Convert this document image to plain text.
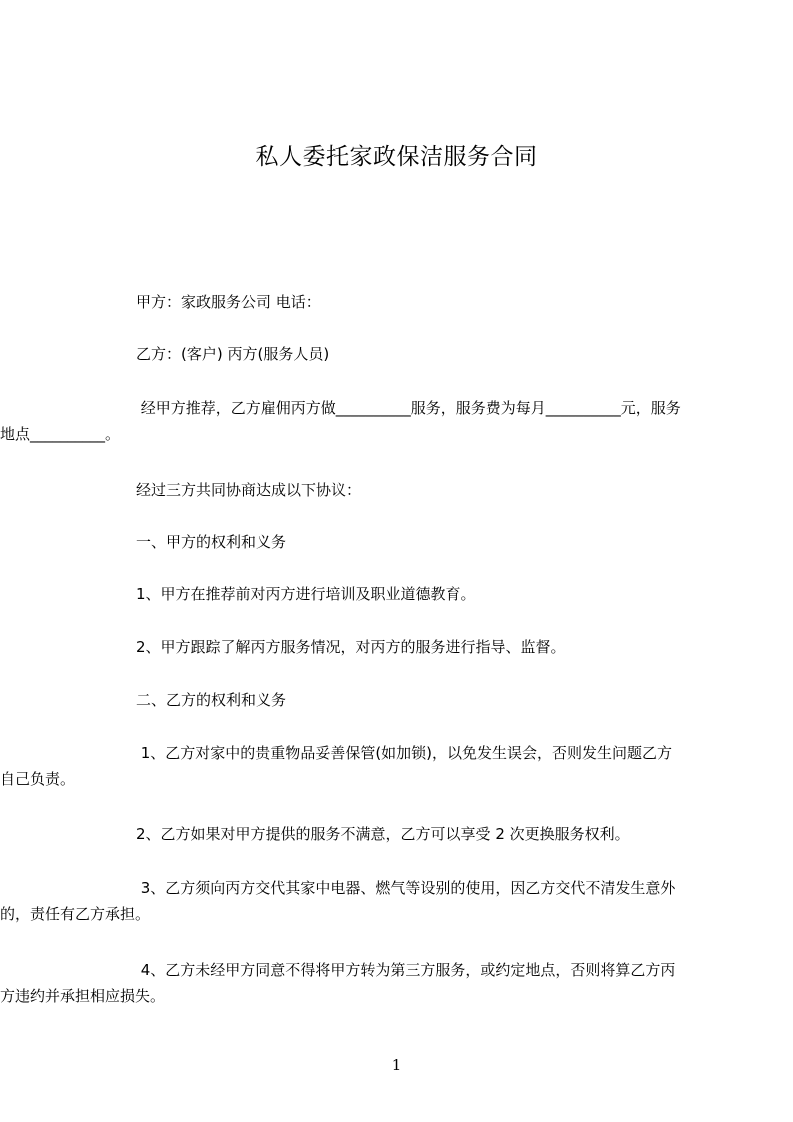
私人委托家政保洁服务合同

甲方：家政服务公司 电话：

乙方：(客户) 丙方(服务人员)

经甲方推荐，乙方雇佣丙方做__________服务，服务费为每月__________元，服务
地点__________。

经过三方共同协商达成以下协议：

一、甲方的权利和义务

1、甲方在推荐前对丙方进行培训及职业道德教育。

2、甲方跟踪了解丙方服务情况，对丙方的服务进行指导、监督。

二、乙方的权利和义务

1、乙方对家中的贵重物品妥善保管(如加锁)，以免发生误会，否则发生问题乙方
自己负责。

2、乙方如果对甲方提供的服务不满意，乙方可以享受 2 次更换服务权利。

3、乙方须向丙方交代其家中电器、燃气等设别的使用，因乙方交代不清发生意外
的，责任有乙方承担。
4、乙方未经甲方同意不得将甲方转为第三方服务，或约定地点，否则将算乙方丙
方违约并承担相应损失。
1
